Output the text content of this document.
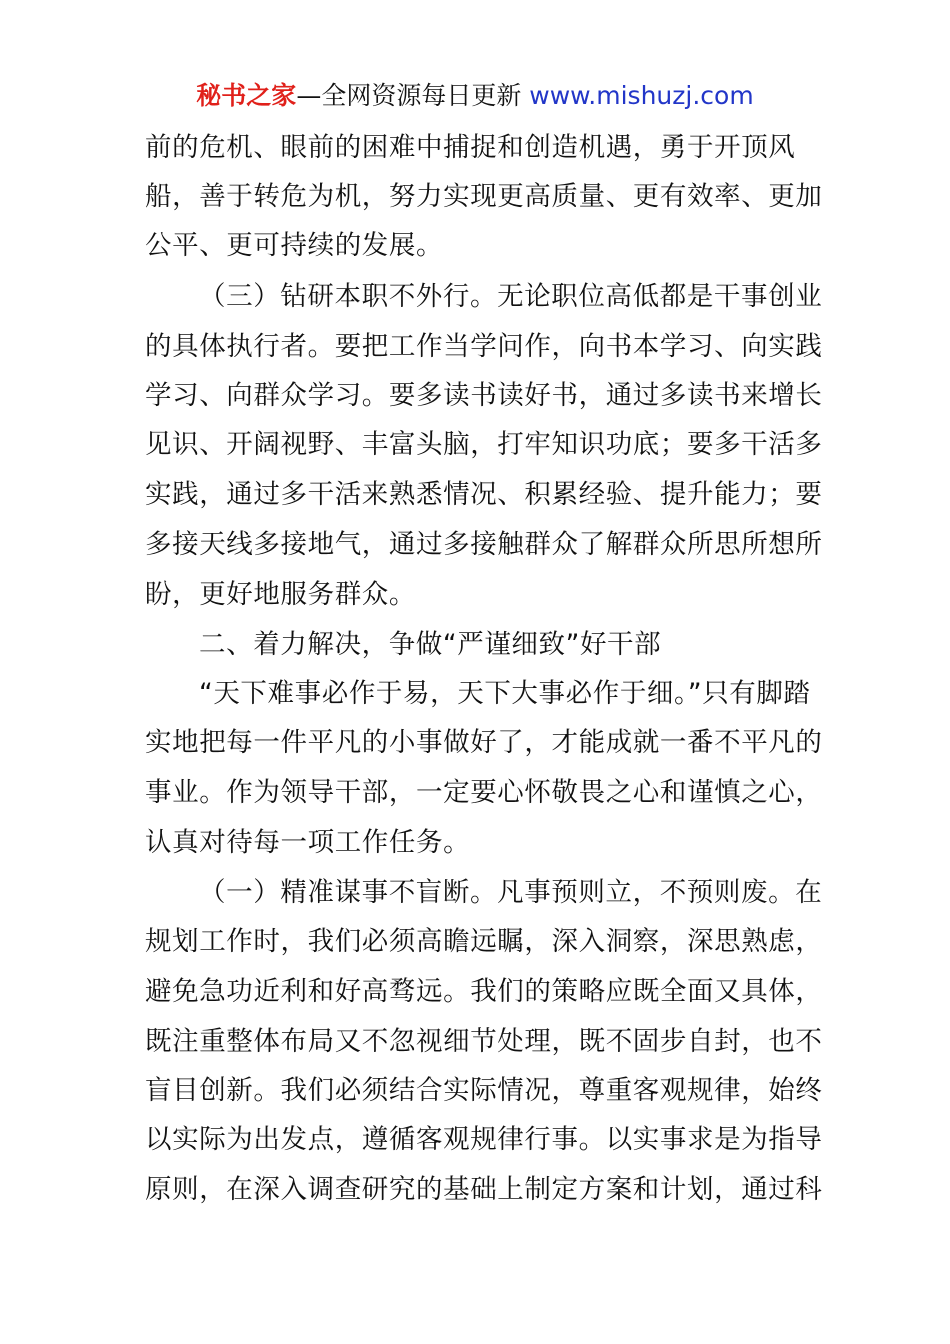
秘书之家—全网资源每日更新 www.mishuzj.com
前的危机、眼前的困难中捕捉和创造机遇，勇于开顶风
船，善于转危为机，努力实现更高质量、更有效率、更加
公平、更可持续的发展。
（三）钻研本职不外行。无论职位高低都是干事创业
的具体执行者。要把工作当学问作，向书本学习、向实践
学习、向群众学习。要多读书读好书，通过多读书来增长
见识、开阔视野、丰富头脑，打牢知识功底；要多干活多
实践，通过多干活来熟悉情况、积累经验、提升能力；要
多接天线多接地气，通过多接触群众了解群众所思所想所
盼，更好地服务群众。
二、着力解决，争做“严谨细致”好干部
“天下难事必作于易，天下大事必作于细。”只有脚踏
实地把每一件平凡的小事做好了，才能成就一番不平凡的
事业。作为领导干部，一定要心怀敬畏之心和谨慎之心，
认真对待每一项工作任务。
（一）精准谋事不盲断。凡事预则立，不预则废。在
规划工作时，我们必须高瞻远瞩，深入洞察，深思熟虑，
避免急功近利和好高骛远。我们的策略应既全面又具体，
既注重整体布局又不忽视细节处理，既不固步自封，也不
盲目创新。我们必须结合实际情况，尊重客观规律，始终
以实际为出发点，遵循客观规律行事。以实事求是为指导
原则，在深入调查研究的基础上制定方案和计划，通过科
